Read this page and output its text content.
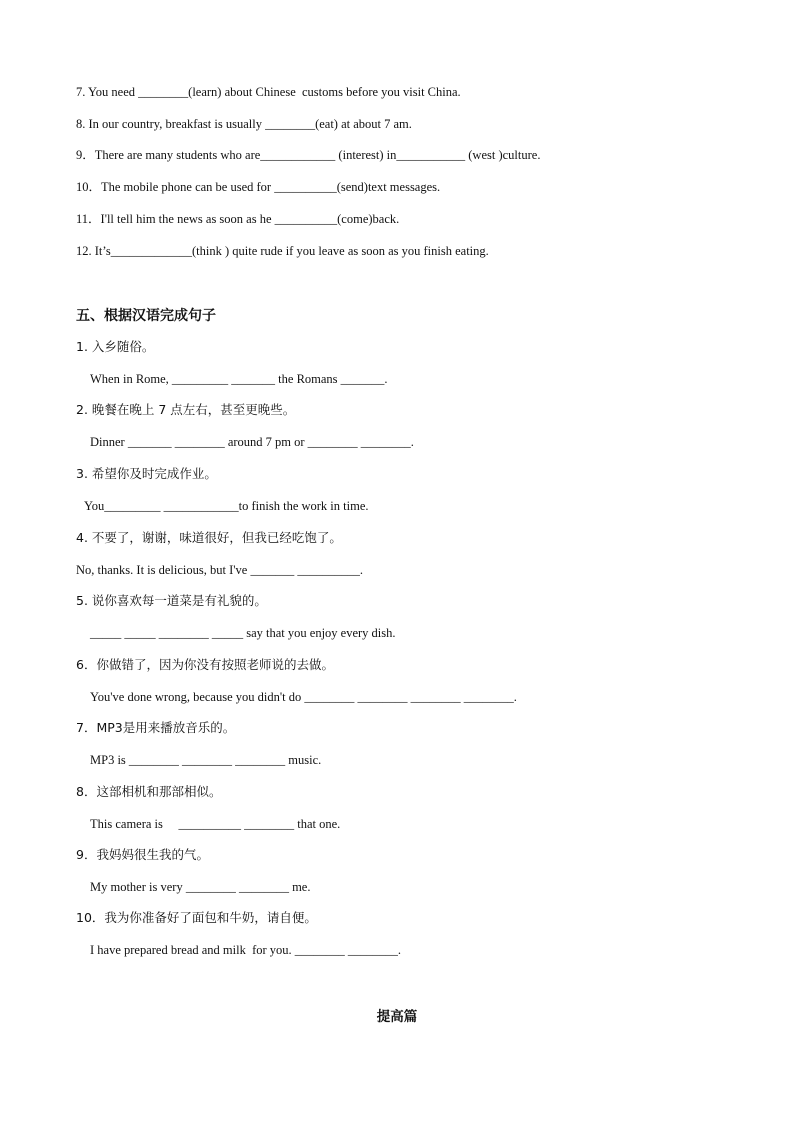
7. You need ________(learn) about Chinese  customs before you visit China.
8. In our country, breakfast is usually ________(eat) at about 7 am.
9．There are many students who are____________ (interest) in___________ (west )culture.
10．The mobile phone can be used for __________(send)text messages.
11．I'll tell him the news as soon as he __________(come)back.
12. It’s_____________(think ) quite rude if you leave as soon as you finish eating.
五、根据汉语完成句子
1. 入乡随俗。
When in Rome, _________ _______ the Romans _______.
2. 晚餐在晚上 7 点左右，甚至更晚些。
Dinner _______ ________ around 7 pm or ________ ________.
3. 希望你及时完成作业。
You_________ ____________to finish the work in time.
4. 不要了，谢谢，味道很好，但我已经吃饱了。
No, thanks. It is delicious, but I've _______ __________.
5. 说你喜欢每一道菜是有礼貌的。
_____ _____ ________ _____ say that you enjoy every dish.
6．你做错了，因为你没有按照老师说的去做。
You've done wrong, because you didn't do ________ ________ ________ ________.
7．MP3是用来播放音乐的。
MP3 is ________ ________ ________ music.
8．这部相机和那部相似。
This camera is     __________ ________ that one.
9．我妈妈很生我的气。
My mother is very ________ ________ me.
10．我为你准备好了面包和牛奶，请自便。
I have prepared bread and milk  for you. ________ ________.
提高篇
